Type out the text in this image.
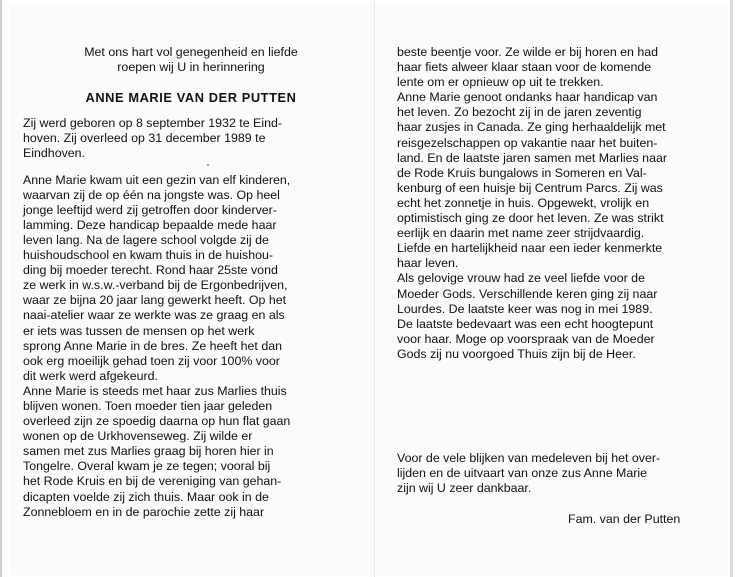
Met ons hart vol genegenheid en liefde

roepen wij U in herinnering

ANNE MARIE VAN DER PUTTEN

Zij werd geboren op 8 september 1932 te Eind-

hoven. Zij overleed op 31 december 1989 te

Eindhoven.

Anne Marie kwam uit een gezin van elf kinderen,

waarvan zij de op één na jongste was. Op heel

jonge leeftijd werd zij getroffen door kinderver-

lamming. Deze handicap bepaalde mede haar

leven lang. Na de lagere school volgde zij de

huishoudschool en kwam thuis in de huishou-

ding bij moeder terecht. Rond haar 25ste vond

ze werk in w.s.w.-verband bij de Ergonbedrijven,

waar ze bijna 20 jaar lang gewerkt heeft. Op het

naai-atelier waar ze werkte was ze graag en als

er iets was tussen de mensen op het werk

sprong Anne Marie in de bres. Ze heeft het dan

ook erg moeilijk gehad toen zij voor 100% voor

dit werk werd afgekeurd.

Anne Marie is steeds met haar zus Marlies thuis

blijven wonen. Toen moeder tien jaar geleden

overleed zijn ze spoedig daarna op hun flat gaan

wonen op de Urkhovenseweg. Zij wilde er

samen met zus Marlies graag bij horen hier in

Tongelre. Overal kwam je ze tegen; vooral bij

het Rode Kruis en bij de vereniging van gehan-

dicapten voelde zij zich thuis. Maar ook in de

Zonnebloem en in de parochie zette zij haar

beste beentje voor. Ze wilde er bij horen en had

haar fiets alweer klaar staan voor de komende

lente om er opnieuw op uit te trekken.

Anne Marie genoot ondanks haar handicap van

het leven. Zo bezocht zij in de jaren zeventig

haar zusjes in Canada. Ze ging herhaaldelijk met

reisgezelschappen op vakantie naar het buiten-

land. En de laatste jaren samen met Marlies naar

de Rode Kruis bungalows in Someren en Val-

kenburg of een huisje bij Centrum Parcs. Zij was

echt het zonnetje in huis. Opgewekt, vrolijk en

optimistisch ging ze door het leven. Ze was strikt

eerlijk en daarin met name zeer strijdvaardig.

Liefde en hartelijkheid naar een ieder kenmerkte

haar leven.

Als gelovige vrouw had ze veel liefde voor de

Moeder Gods. Verschillende keren ging zij naar

Lourdes. De laatste keer was nog in mei 1989.

De laatste bedevaart was een echt hoogtepunt

voor haar. Moge op voorspraak van de Moeder

Gods zij nu voorgoed Thuis zijn bij de Heer.

Voor de vele blijken van medeleven bij het over-

lijden en de uitvaart van onze zus Anne Marie

zijn wij U zeer dankbaar.

Fam. van der Putten
